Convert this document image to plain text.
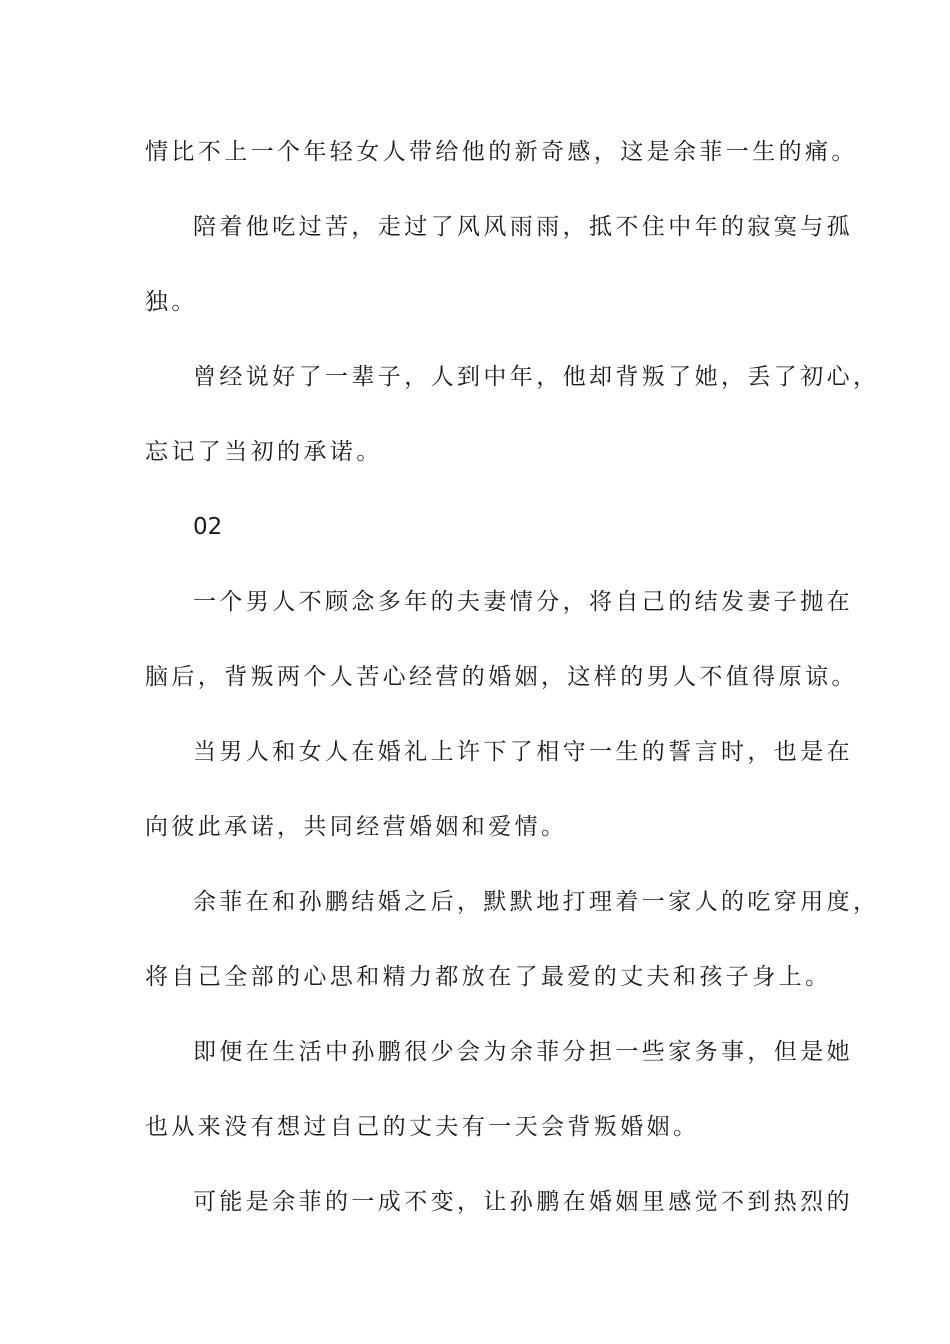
情比不上一个年轻女人带给他的新奇感，这是余菲一生的痛。
陪着他吃过苦，走过了风风雨雨，抵不住中年的寂寞与孤
独。
曾经说好了一辈子，人到中年，他却背叛了她，丢了初心，
忘记了当初的承诺。
02
一个男人不顾念多年的夫妻情分，将自己的结发妻子抛在
脑后，背叛两个人苦心经营的婚姻，这样的男人不值得原谅。
当男人和女人在婚礼上许下了相守一生的誓言时，也是在
向彼此承诺，共同经营婚姻和爱情。
余菲在和孙鹏结婚之后，默默地打理着一家人的吃穿用度，
将自己全部的心思和精力都放在了最爱的丈夫和孩子身上。
即便在生活中孙鹏很少会为余菲分担一些家务事，但是她
也从来没有想过自己的丈夫有一天会背叛婚姻。
可能是余菲的一成不变，让孙鹏在婚姻里感觉不到热烈的
